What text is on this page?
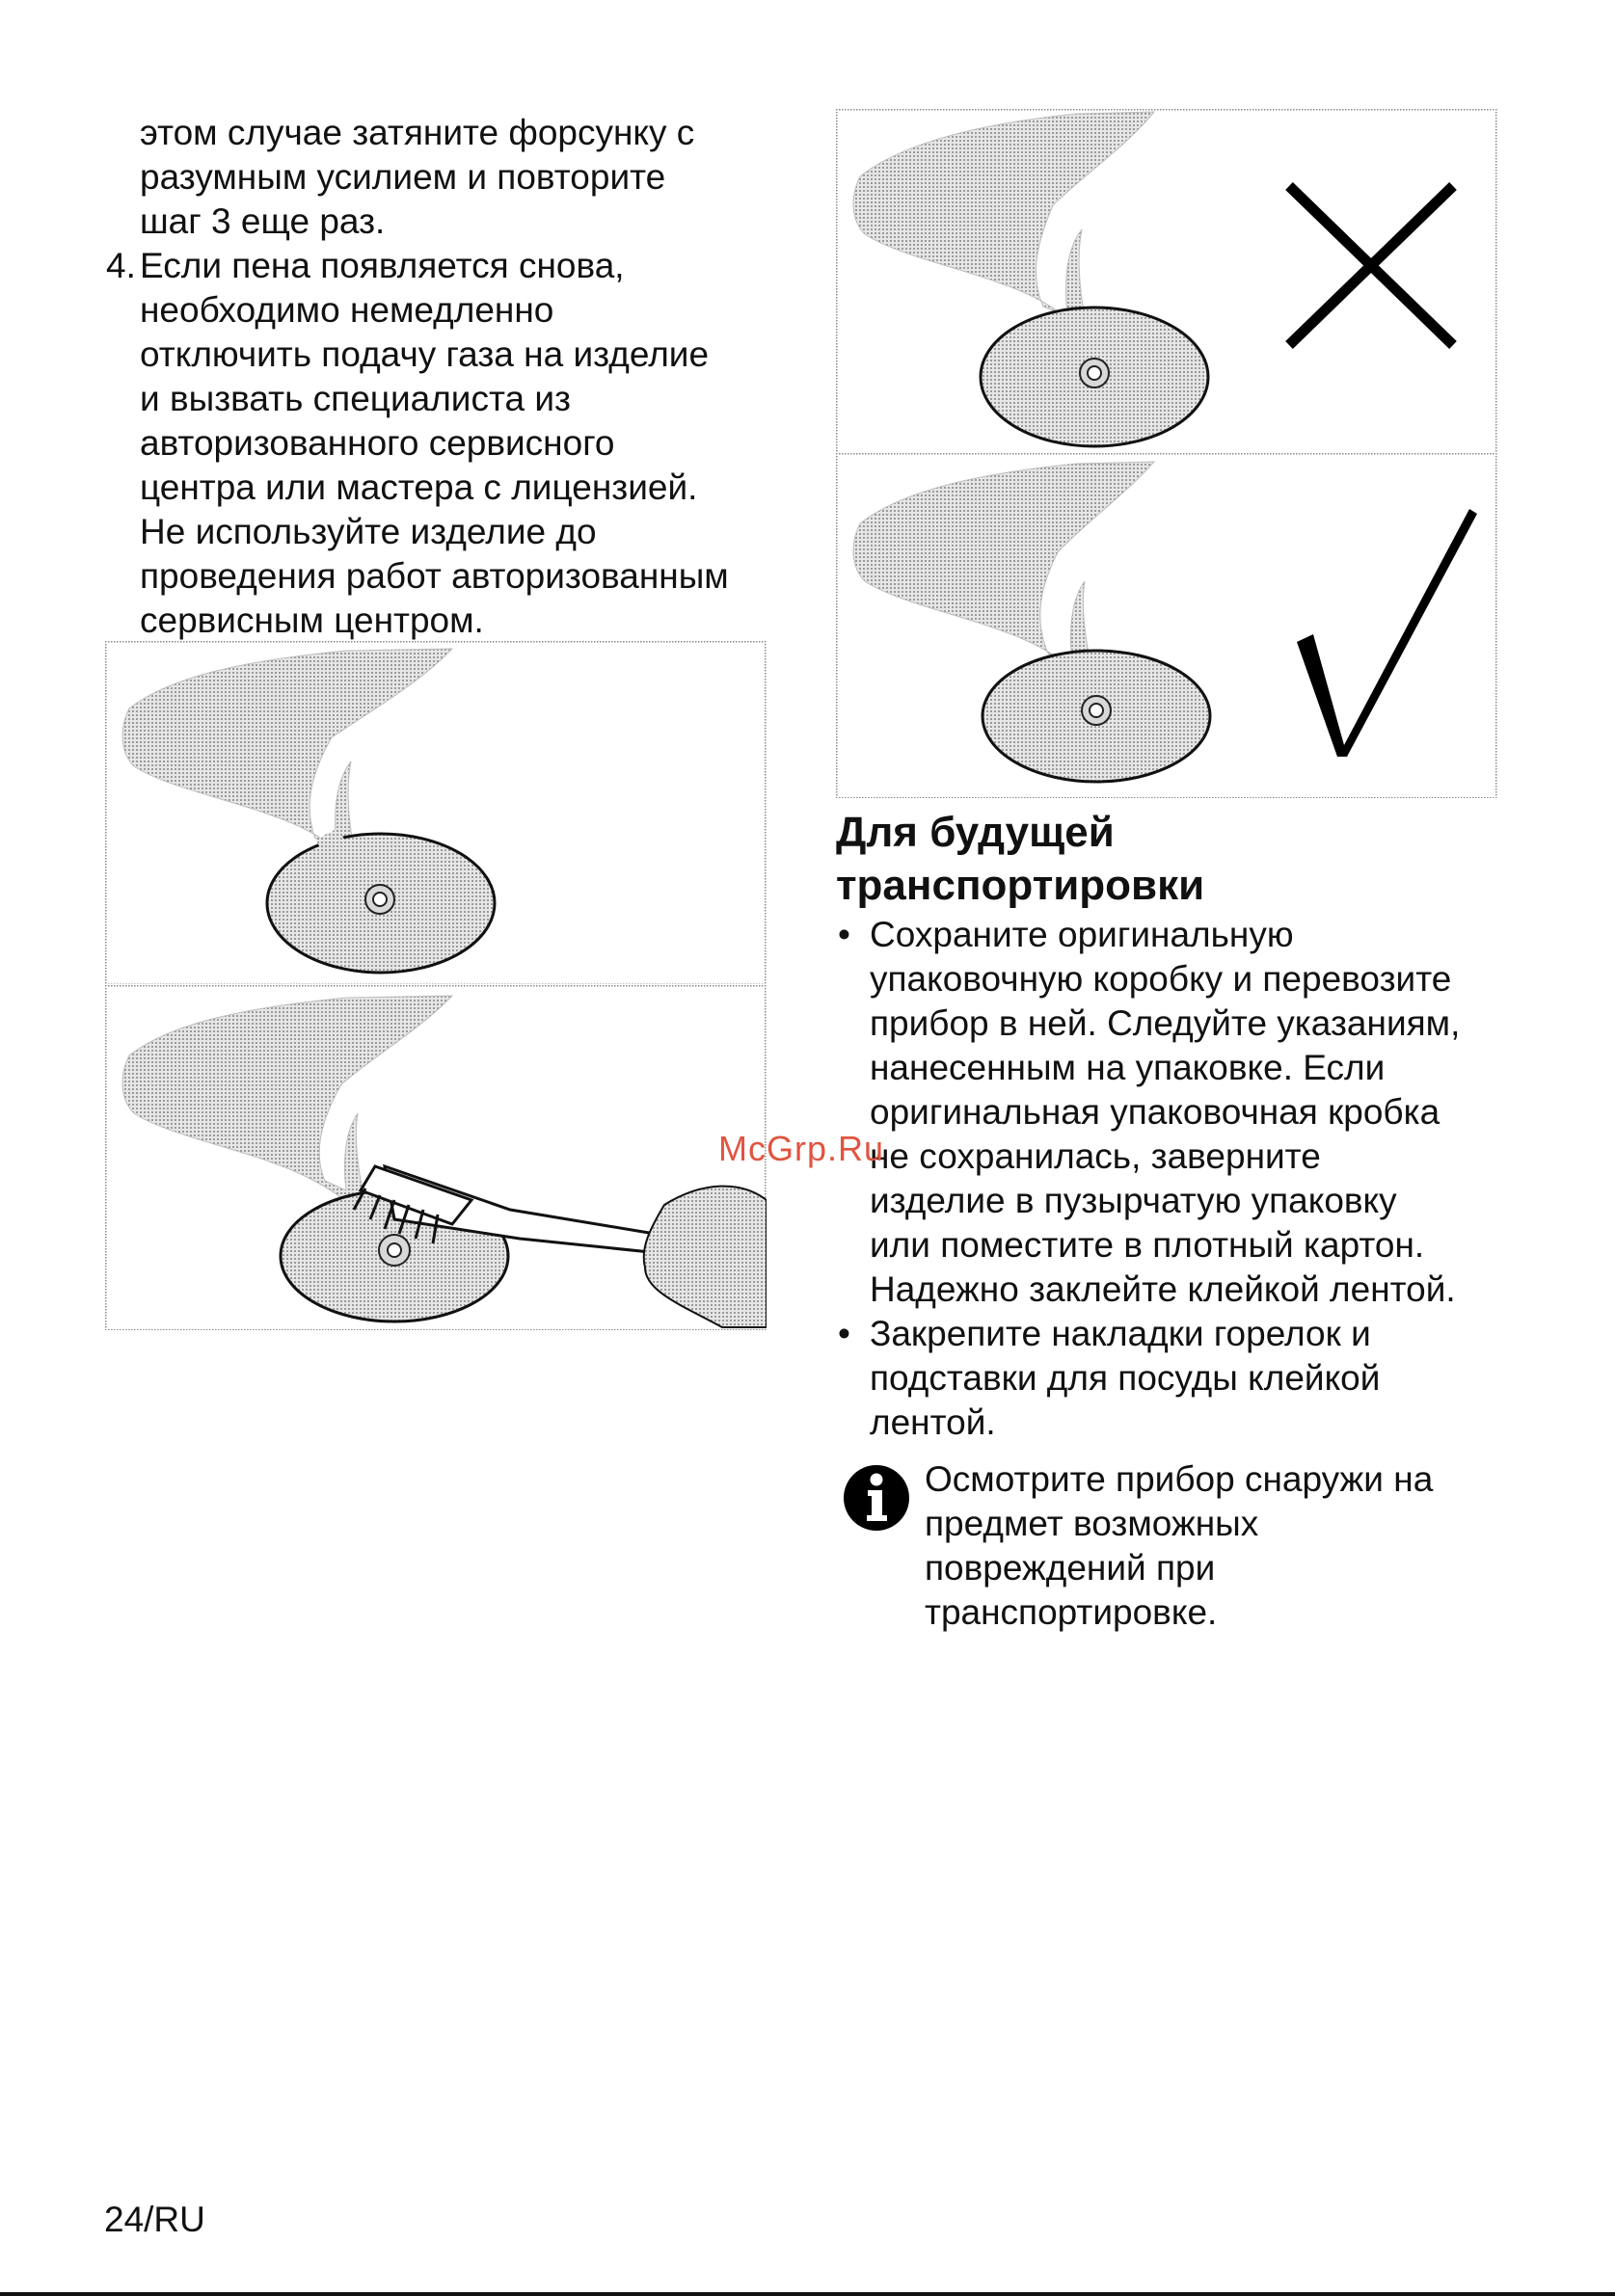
этом случае затяните форсунку с
разумным усилием и повторите
шаг 3 еще раз.
4. Если пена появляется снова,
необходимо немедленно
отключить подачу газа на изделие
и вызвать специалиста из
авторизованного сервисного
центра или мастера с лицензией.
Не используйте изделие до
проведения работ авторизованным
сервисным центром.
Для будущей
транспортировки
• Сохраните оригинальную
упаковочную коробку и перевозите
прибор в ней. Следуйте указаниям,
нанесенным на упаковке. Если
оригинальная упаковочная кробка
не сохранилась, заверните
изделие в пузырчатую упаковку
или поместите в плотный картон.
Надежно заклейте клейкой лентой.
• Закрепите накладки горелок и
подставки для посуды клейкой
лентой.
Осмотрите прибор снаружи на
предмет возможных
повреждений при
транспортировке.
McGrp.Ru

24/RU
